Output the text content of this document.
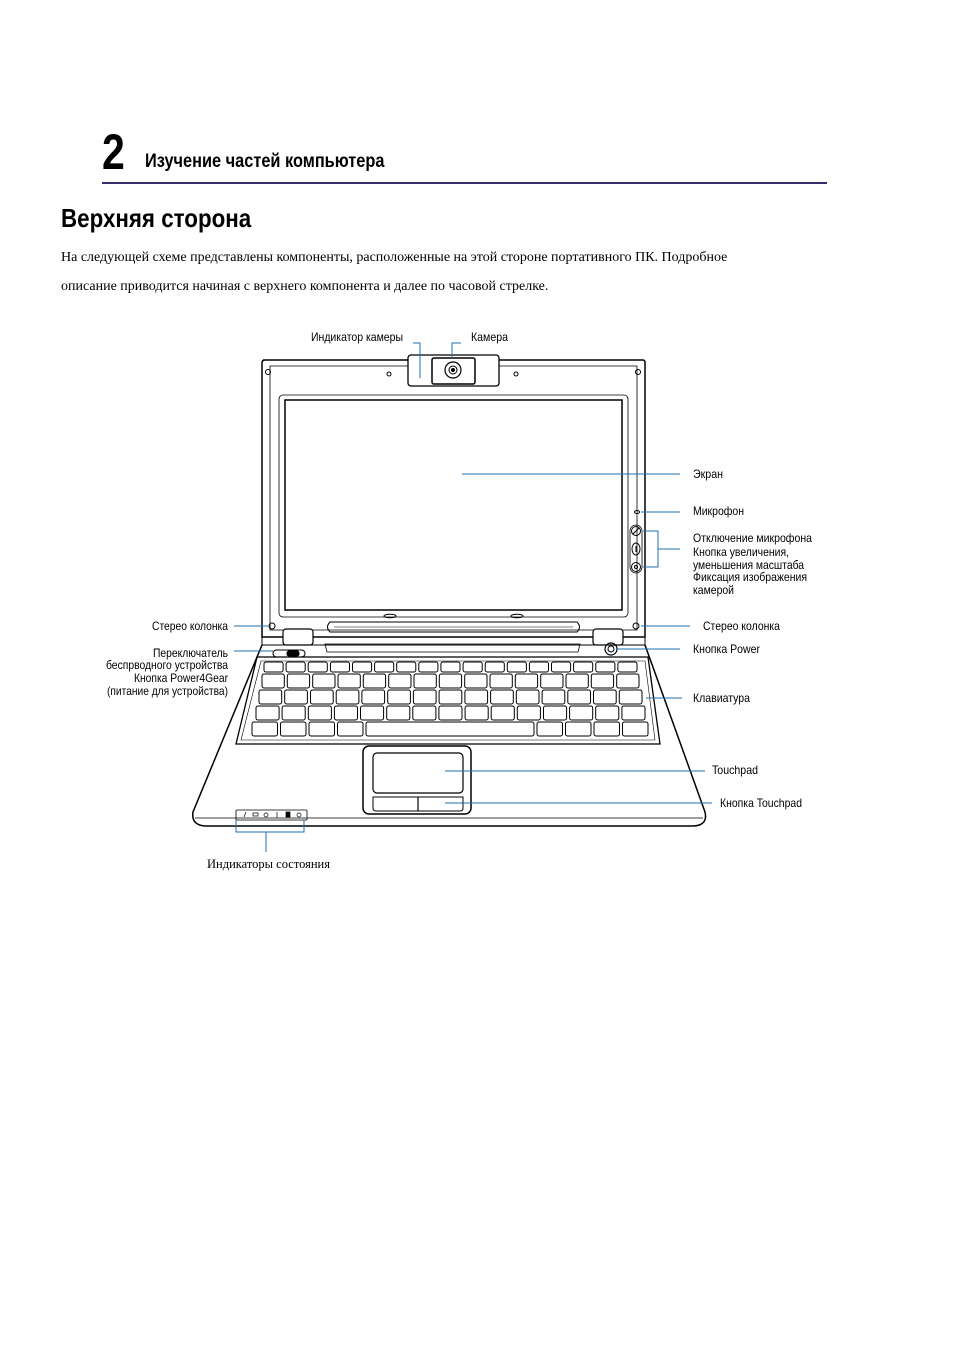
2 Изучение частей компьютера
Верхняя сторона

На следующей схеме представлены компоненты, расположенные на этой стороне портативного ПК. Подробное

описание приводится начиная с верхнего компонента и далее по часовой стрелке.

Индикатор камеры	Камера
Экран
Микрофон
Отключение микрофона
Кнопка увеличения,
уменьшения масштаба
Фиксация изображения
камерой
Стерео колонка	Стерео колонка
Кнопка Power
Переключатель
беспрводного устройства
Кнопка Power4Gear
(питание для устройства)	Клавиатура
Touchpad
Кнопка Touchpad
Индикаторы состояния
